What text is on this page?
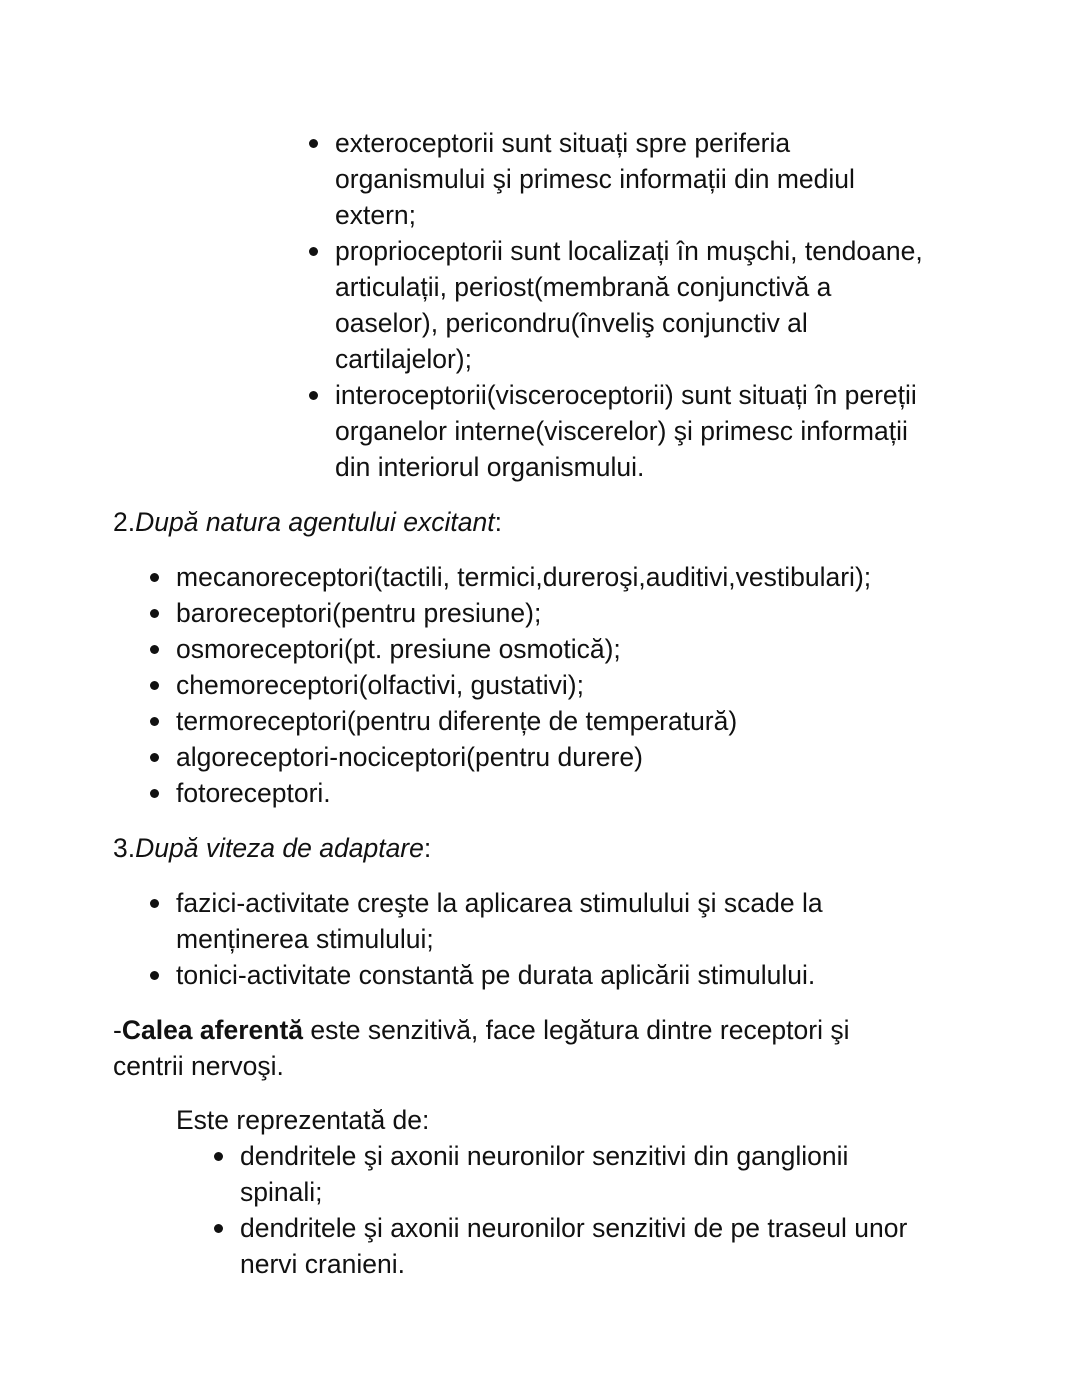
exteroceptorii sunt situați spre periferia
organismului şi primesc informații din mediul
extern;
proprioceptorii sunt localizați în muşchi, tendoane,
articulații, periost(membrană conjunctivă a
oaselor), pericondru(înveliş conjunctiv al
cartilajelor);
interoceptorii(visceroceptorii) sunt situați în pereții
organelor interne(viscerelor) şi primesc informații
din interiorul organismului.
2.După natura agentului excitant:
mecanoreceptori(tactili, termici,dureroşi,auditivi,vestibulari);
baroreceptori(pentru presiune);
osmoreceptori(pt. presiune osmotică);
chemoreceptori(olfactivi, gustativi);
termoreceptori(pentru diferențe de temperatură)
algoreceptori-nociceptori(pentru durere)
fotoreceptori.
3.După viteza de adaptare:
fazici-activitate creşte la aplicarea stimulului şi scade la
menținerea stimulului;
tonici-activitate constantă pe durata aplicării stimulului.
-Calea aferentă este senzitivă, face legătura dintre receptori şi
centrii nervoşi.
Este reprezentată de:
dendritele şi axonii neuronilor senzitivi din ganglionii
spinali;
dendritele şi axonii neuronilor senzitivi de pe traseul unor
nervi cranieni.
